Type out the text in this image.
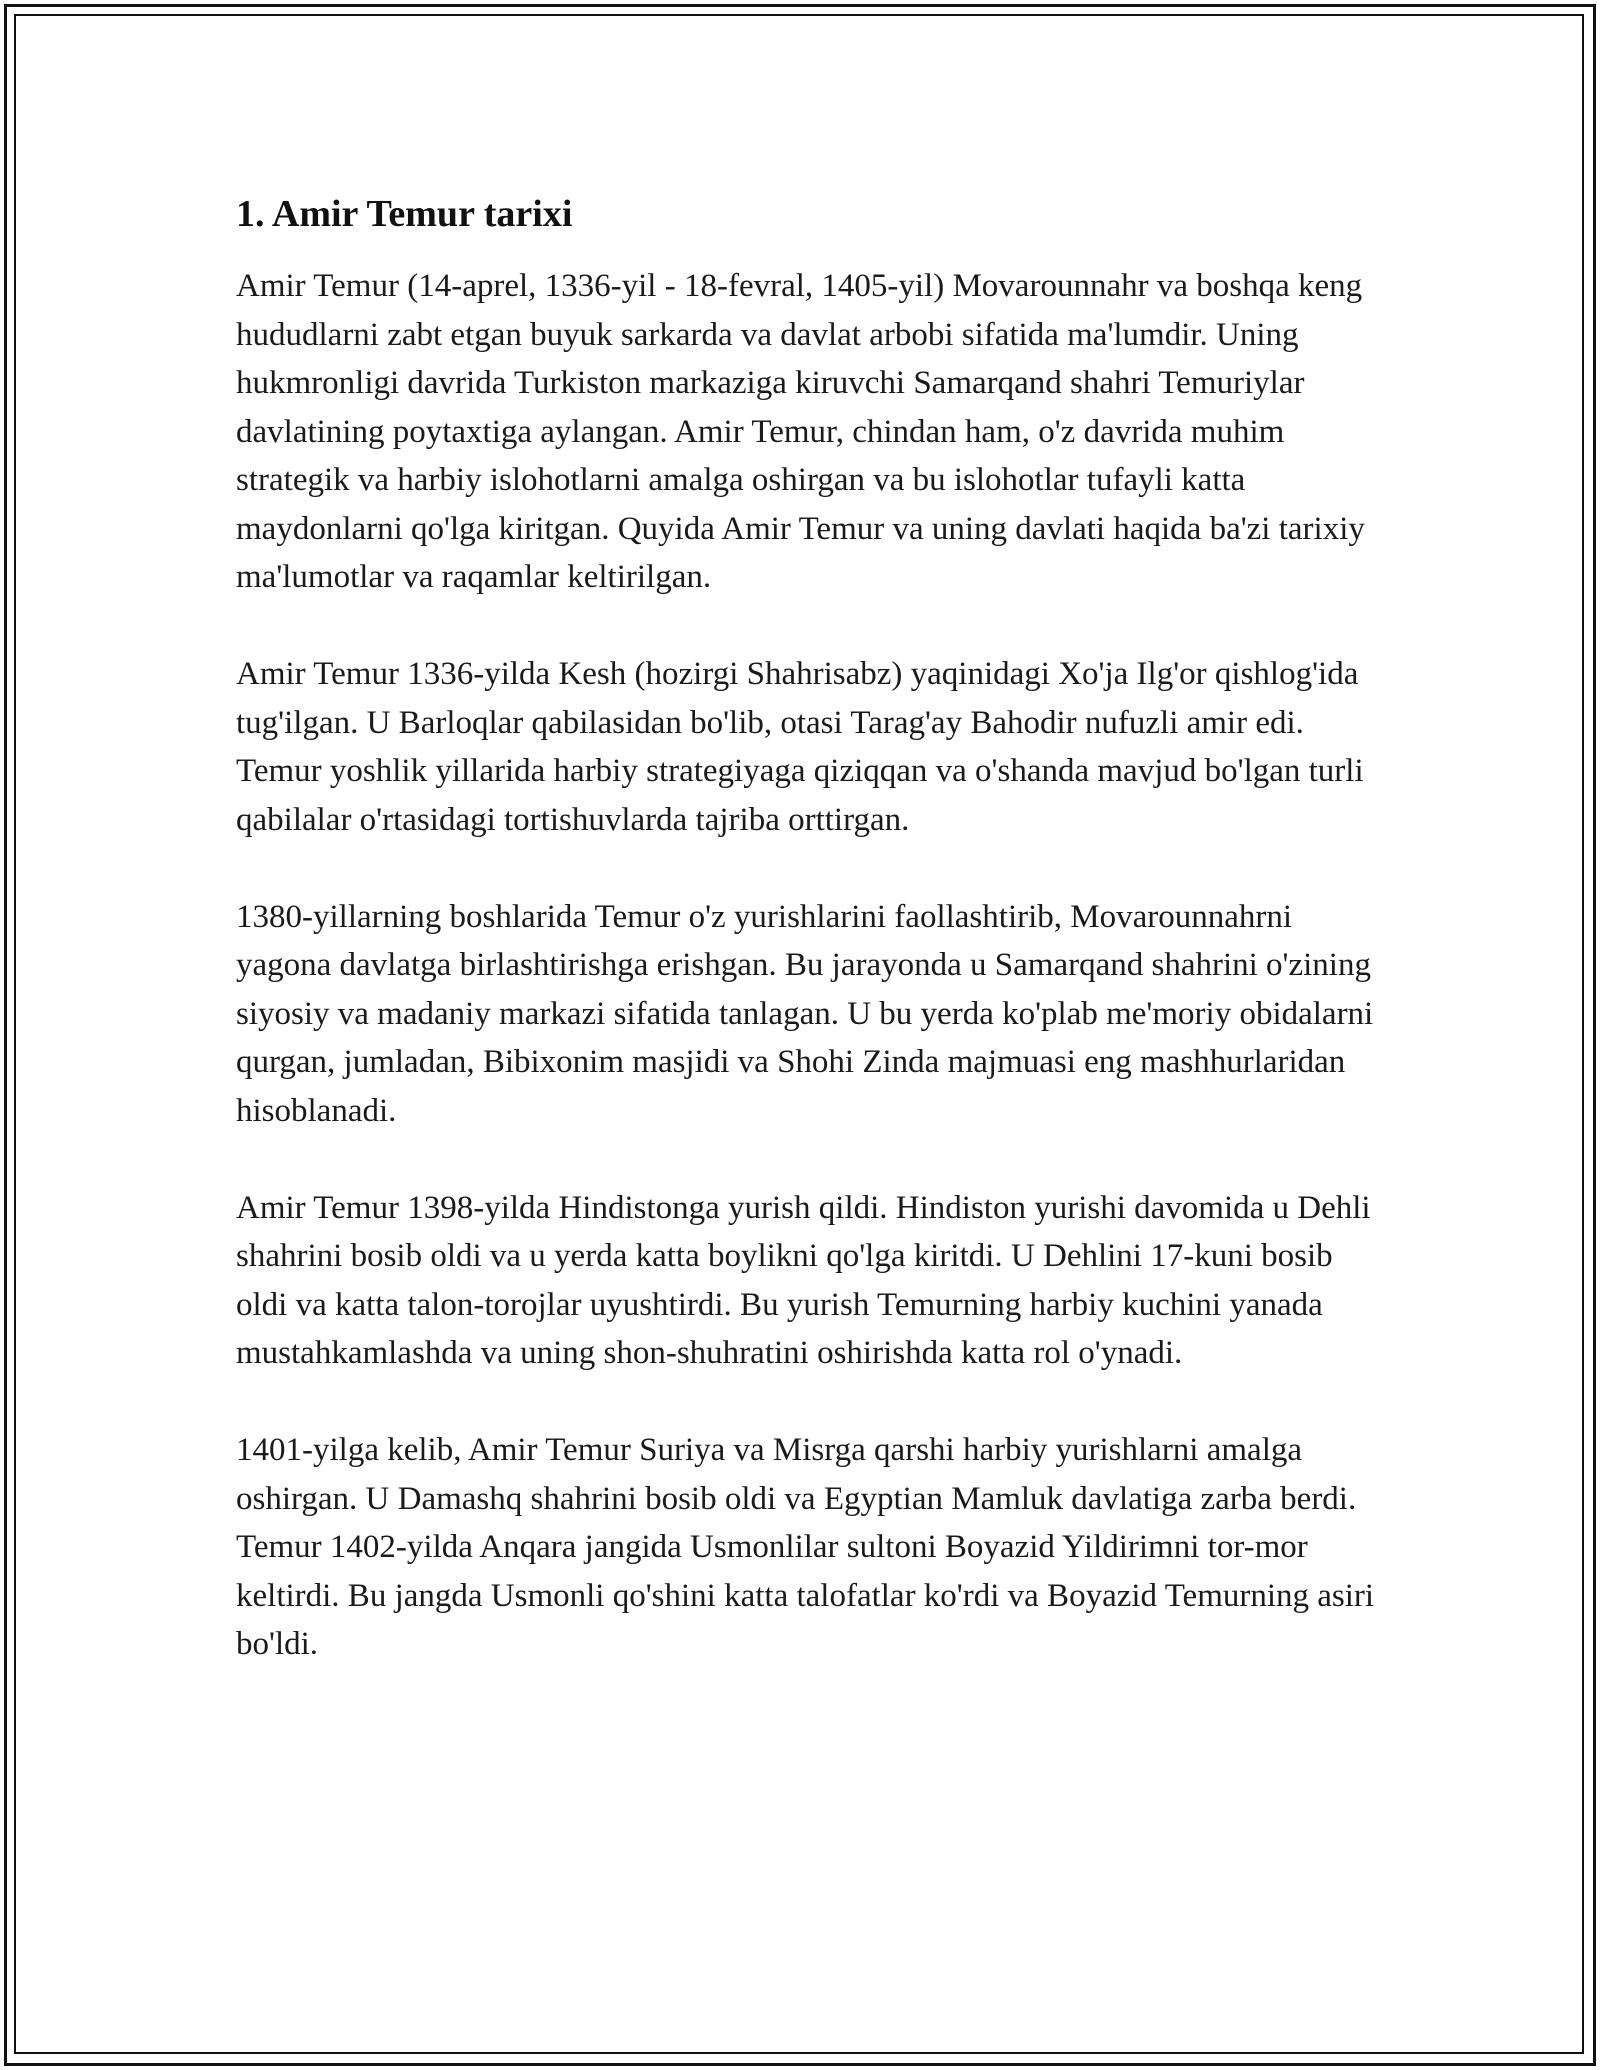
1. Amir Temur tarixi

Amir Temur (14-aprel, 1336-yil - 18-fevral, 1405-yil) Movarounnahr va boshqa keng hududlarni zabt etgan buyuk sarkarda va davlat arbobi sifatida ma'lumdir. Uning hukmronligi davrida Turkiston markaziga kiruvchi Samarqand shahri Temuriylar davlatining poytaxtiga aylangan. Amir Temur, chindan ham, o'z davrida muhim strategik va harbiy islohotlarni amalga oshirgan va bu islohotlar tufayli katta maydonlarni qo'lga kiritgan. Quyida Amir Temur va uning davlati haqida ba'zi tarixiy ma'lumotlar va raqamlar keltirilgan.

Amir Temur 1336-yilda Kesh (hozirgi Shahrisabz) yaqinidagi Xo'ja Ilg'or qishlog'ida tug'ilgan. U Barloqlar qabilasidan bo'lib, otasi Tarag'ay Bahodir nufuzli amir edi. Temur yoshlik yillarida harbiy strategiyaga qiziqqan va o'shanda mavjud bo'lgan turli qabilalar o'rtasidagi tortishuvlarda tajriba orttirgan.

1380-yillarning boshlarida Temur o'z yurishlarini faollashtirib, Movarounnahrni yagona davlatga birlashtirishga erishgan. Bu jarayonda u Samarqand shahrini o'zining siyosiy va madaniy markazi sifatida tanlagan. U bu yerda ko'plab me'moriy obidalarni qurgan, jumladan, Bibixonim masjidi va Shohi Zinda majmuasi eng mashhurlaridan hisoblanadi.

Amir Temur 1398-yilda Hindistonga yurish qildi. Hindiston yurishi davomida u Dehli shahrini bosib oldi va u yerda katta boylikni qo'lga kiritdi. U Dehlini 17-kuni bosib oldi va katta talon-torojlar uyushtirdi. Bu yurish Temurning harbiy kuchini yanada mustahkamlashda va uning shon-shuhratini oshirishda katta rol o'ynadi.

1401-yilga kelib, Amir Temur Suriya va Misrga qarshi harbiy yurishlarni amalga oshirgan. U Damashq shahrini bosib oldi va Egyptian Mamluk davlatiga zarba berdi. Temur 1402-yilda Anqara jangida Usmonlilar sultoni Boyazid Yildirimni tor-mor keltirdi. Bu jangda Usmonli qo'shini katta talofatlar ko'rdi va Boyazid Temurning asiri bo'ldi.
